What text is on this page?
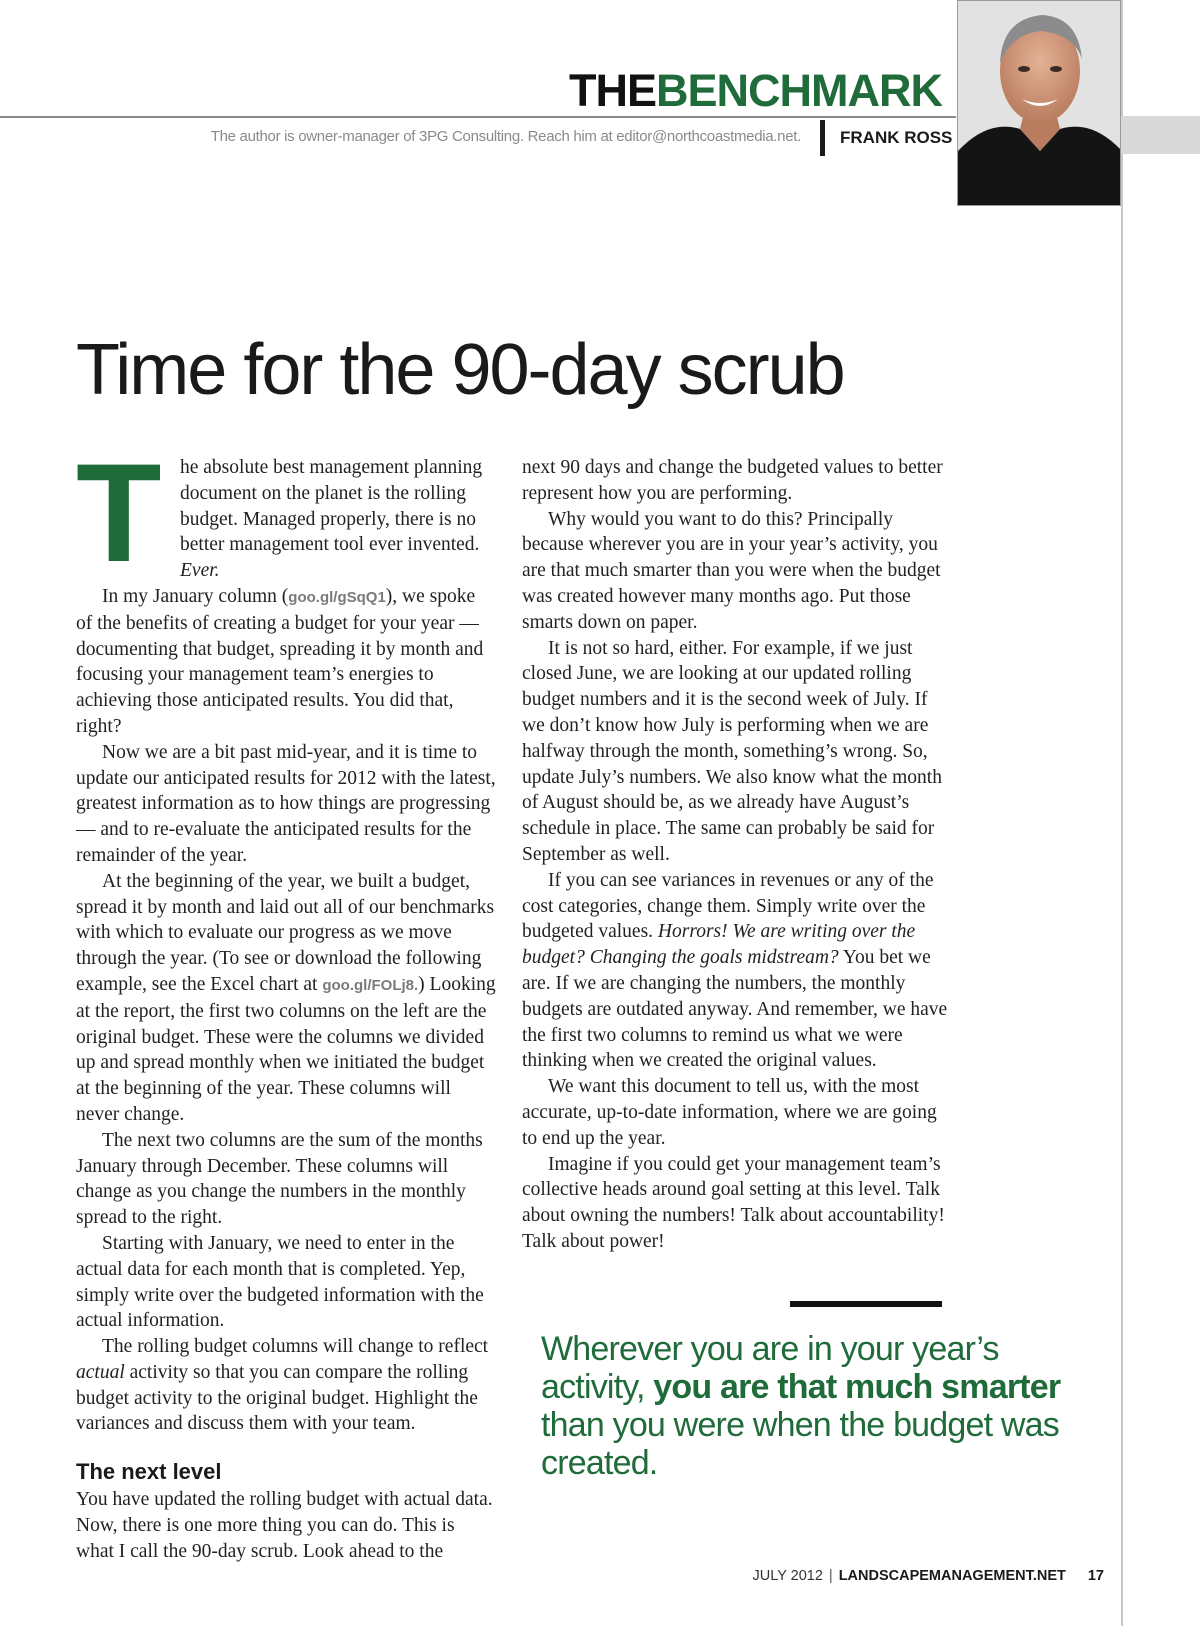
THEBENCHMARK
The author is owner-manager of 3PG Consulting. Reach him at editor@northcoastmedia.net. FRANK ROSS
Time for the 90-day scrub

The absolute best management planning document on the planet is the rolling budget. Managed properly, there is no better management tool ever invented. Ever.

In my January column (goo.gl/gSqQ1), we spoke of the benefits of creating a budget for your year — documenting that budget, spreading it by month and focusing your management team’s energies to achieving those anticipated results. You did that, right?

Now we are a bit past mid-year, and it is time to update our anticipated results for 2012 with the latest, greatest information as to how things are progressing — and to re-evaluate the anticipated results for the remainder of the year.

At the beginning of the year, we built a budget, spread it by month and laid out all of our benchmarks with which to evaluate our progress as we move through the year. (To see or download the following example, see the Excel chart at goo.gl/FOLj8.) Looking at the report, the first two columns on the left are the original budget. These were the columns we divided up and spread monthly when we initiated the budget at the beginning of the year. These columns will never change.

The next two columns are the sum of the months January through December. These columns will change as you change the numbers in the monthly spread to the right.

Starting with January, we need to enter in the actual data for each month that is completed. Yep, simply write over the budgeted information with the actual information.

The rolling budget columns will change to reflect actual activity so that you can compare the rolling budget activity to the original budget. Highlight the variances and discuss them with your team.

The next level

You have updated the rolling budget with actual data. Now, there is one more thing you can do. This is what I call the 90-day scrub. Look ahead to the

next 90 days and change the budgeted values to better represent how you are performing.

Why would you want to do this? Principally because wherever you are in your year’s activity, you are that much smarter than you were when the budget was created however many months ago. Put those smarts down on paper.

It is not so hard, either. For example, if we just closed June, we are looking at our updated rolling budget numbers and it is the second week of July. If we don’t know how July is performing when we are halfway through the month, something’s wrong. So, update July’s numbers. We also know what the month of August should be, as we already have August’s schedule in place. The same can probably be said for September as well.

If you can see variances in revenues or any of the cost categories, change them. Simply write over the budgeted values. Horrors! We are writing over the budget? Changing the goals midstream? You bet we are. If we are changing the numbers, the monthly budgets are outdated anyway. And remember, we have the first two columns to remind us what we were thinking when we created the original values.

We want this document to tell us, with the most accurate, up-to-date information, where we are going to end up the year.

Imagine if you could get your management team’s collective heads around goal setting at this level. Talk about owning the numbers! Talk about accountability! Talk about power!

Wherever you are in your year’s activity, you are that much smarter than you were when the budget was created.
JULY 2012 | LANDSCAPEMANAGEMENT.NET 17
